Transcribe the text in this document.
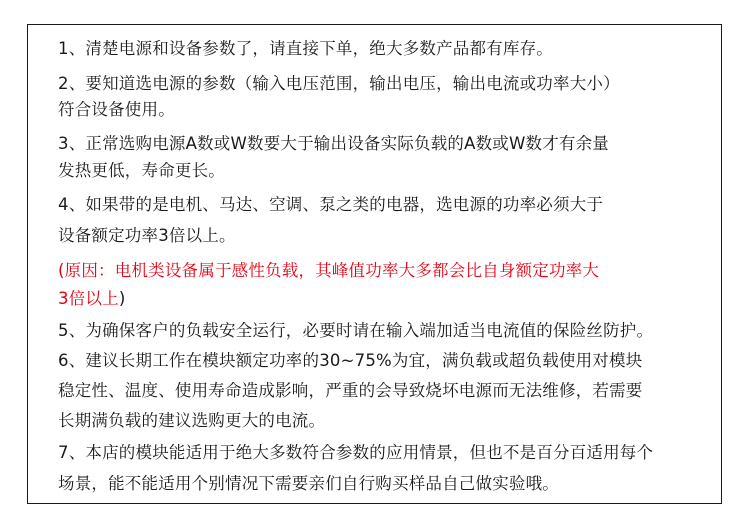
1、清楚电源和设备参数了，请直接下单，绝大多数产品都有库存。
2、要知道选电源的参数（输入电压范围，输出电压，输出电流或功率大小）
符合设备使用。
3、正常选购电源A数或W数要大于输出设备实际负载的A数或W数才有余量
发热更低，寿命更长。
4、如果带的是电机、马达、空调、泵之类的电器，选电源的功率必须大于
设备额定功率3倍以上。
(原因：电机类设备属于感性负载，其峰值功率大多都会比自身额定功率大
3倍以上)
5、为确保客户的负载安全运行，必要时请在输入端加适当电流值的保险丝防护。
6、建议长期工作在模块额定功率的30~75%为宜，满负载或超负载使用对模块
稳定性、温度、使用寿命造成影响，严重的会导致烧坏电源而无法维修，若需要
长期满负载的建议选购更大的电流。
7、本店的模块能适用于绝大多数符合参数的应用情景，但也不是百分百适用每个
场景，能不能适用个别情况下需要亲们自行购买样品自己做实验哦。
